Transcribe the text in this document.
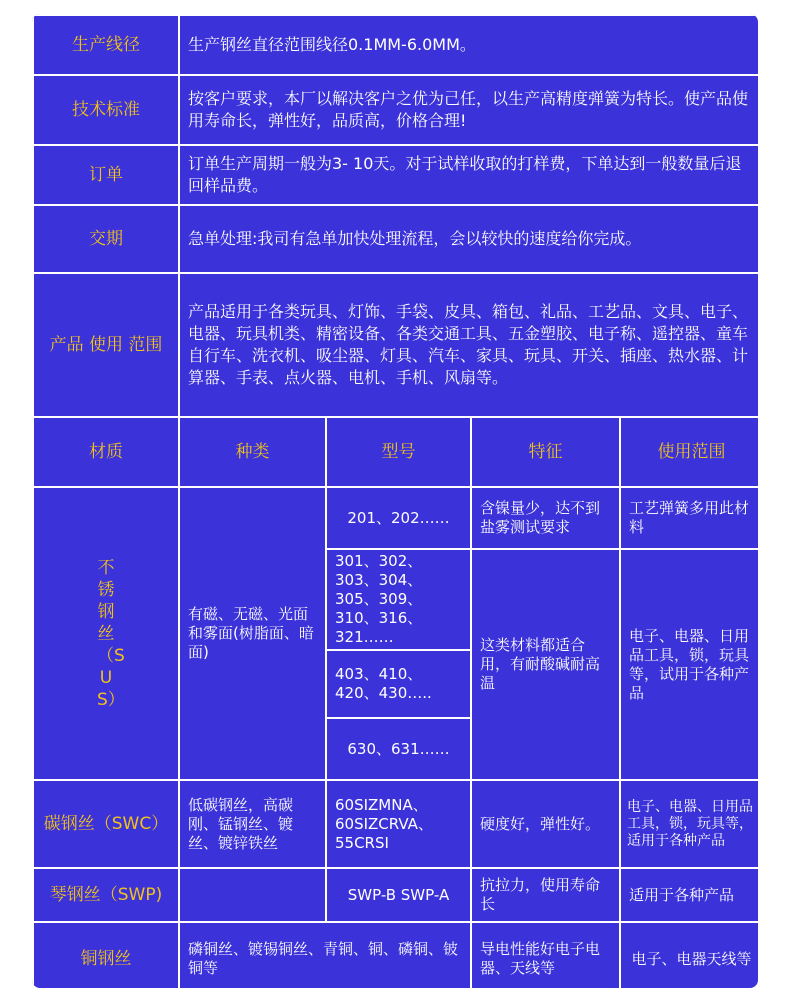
生产线径	生产钢丝直径范围线径0.1MM-6.0MM。			
技术标准	按客户要求，本厂以解决客户之优为己任，以生产高精度弹簧为特长。使产品使用寿命长，弹性好，品质高，价格合理!			
订单	订单生产周期一般为3- 10天。对于试样收取的打样费，下单达到一般数量后退回样品费。			
交期	急单处理:我司有急单加快处理流程，会以较快的速度给你完成。			
产品 使用 范围	产品适用于各类玩具、灯饰、手袋、皮具、箱包、礼品、工艺品、文具、电子、电器、玩具机类、精密设备、各类交通工具、五金塑胶、电子称、遥控器、童车自行车、洗衣机、吸尘器、灯具、汽车、家具、玩具、开关、插座、热水器、计算器、手表、点火器、电机、手机、风扇等。			
材质	种类	型号	特征	使用范围
不锈钢丝（SUS）	有磁、无磁、光面和雾面(树脂面、暗面)	201、202……	含镍量少，达不到盐雾测试要求	工艺弹簧多用此材料
		301、302、303、304、305、309、310、316、321……	这类材料都适合用，有耐酸碱耐高温	电子、电器、日用品工具，锁，玩具等，试用于各种产品
		403、410、420、430…..		
		630、631……		
碳钢丝（SWC）	低碳钢丝，高碳刚、锰钢丝、镀丝、镀锌铁丝	60SIZMNA、60SIZCRVA、55CRSI	硬度好，弹性好。	电子、电器、日用品工具，锁，玩具等，适用于各种产品
琴钢丝（SWP)		SWP-B SWP-A	抗拉力，使用寿命长	适用于各种产品
铜钢丝	磷铜丝、镀锡铜丝、青铜、铜、磷铜、铍铜等		导电性能好电子电器、天线等	电子、电器天线等
